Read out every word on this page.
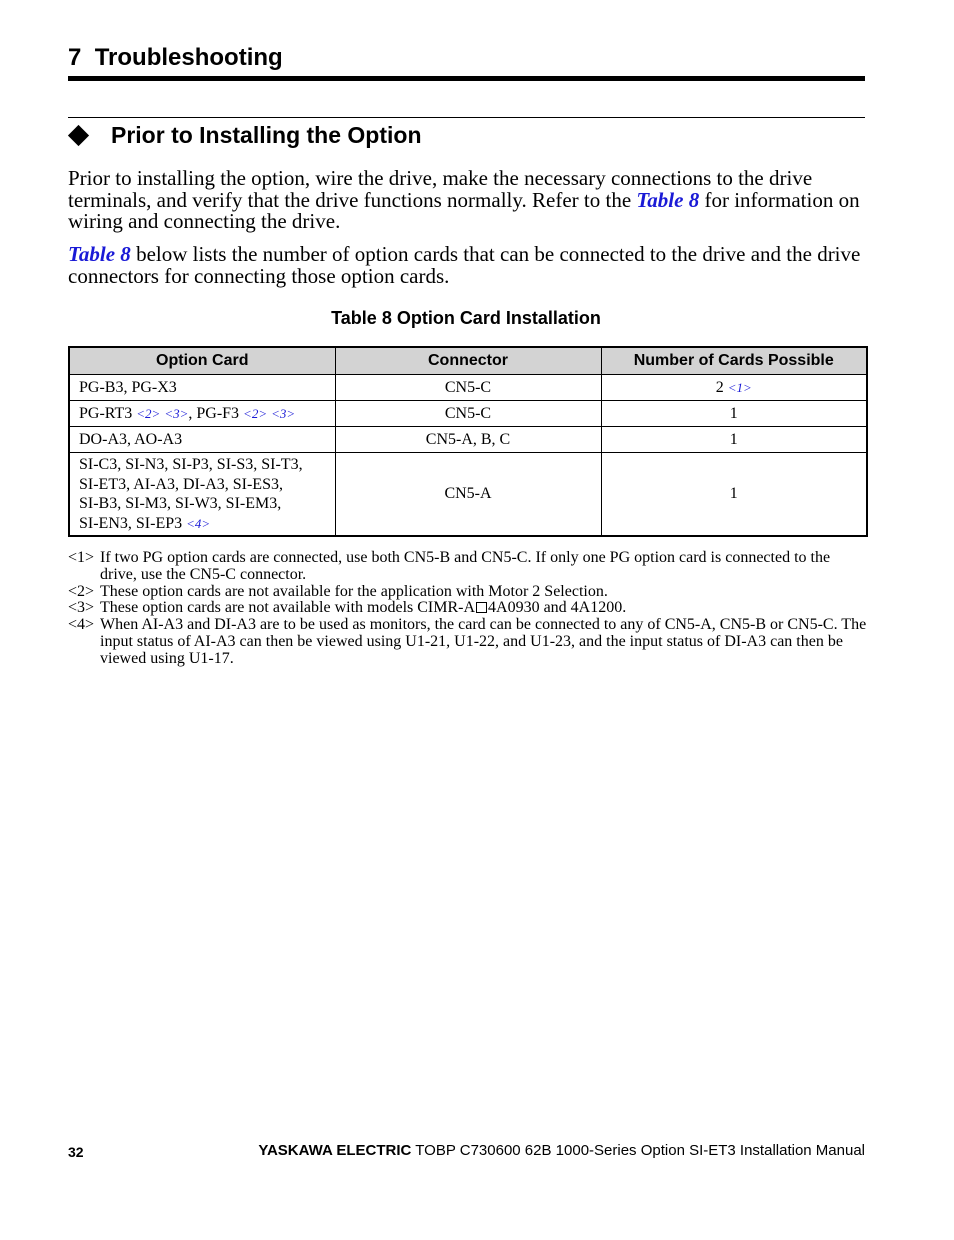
7 Troubleshooting
Prior to Installing the Option
Prior to installing the option, wire the drive, make the necessary connections to the drive terminals, and verify that the drive functions normally. Refer to the Table 8 for information on wiring and connecting the drive.
Table 8 below lists the number of option cards that can be connected to the drive and the drive connectors for connecting those option cards.
Table 8 Option Card Installation
Option Card	Connector	Number of Cards Possible
PG-B3, PG-X3	CN5-C	2 <1>
PG-RT3 <2> <3>, PG-F3 <2> <3>	CN5-C	1
DO-A3, AO-A3	CN5-A, B, C	1

SI-C3, SI-N3, SI-P3, SI-S3, SI-T3,
SI-ET3, AI-A3, DI-A3, SI-ES3,
SI-B3, SI-M3, SI-W3, SI-EM3,
SI-EN3, SI-EP3 <4>	CN5-A	1
<1> If two PG option cards are connected, use both CN5-B and CN5-C. If only one PG option card is connected to the drive, use the CN5-C connector.
<2> These option cards are not available for the application with Motor 2 Selection.
<3> These option cards are not available with models CIMR-A 4A0930 and 4A1200.
<4> When AI-A3 and DI-A3 are to be used as monitors, the card can be connected to any of CN5-A, CN5-B or CN5-C. The input status of AI-A3 can then be viewed using U1-21, U1-22, and U1-23, and the input status of DI-A3 can then be viewed using U1-17.
32	YASKAWA ELECTRIC TOBP C730600 62B 1000-Series Option SI-ET3 Installation Manual
